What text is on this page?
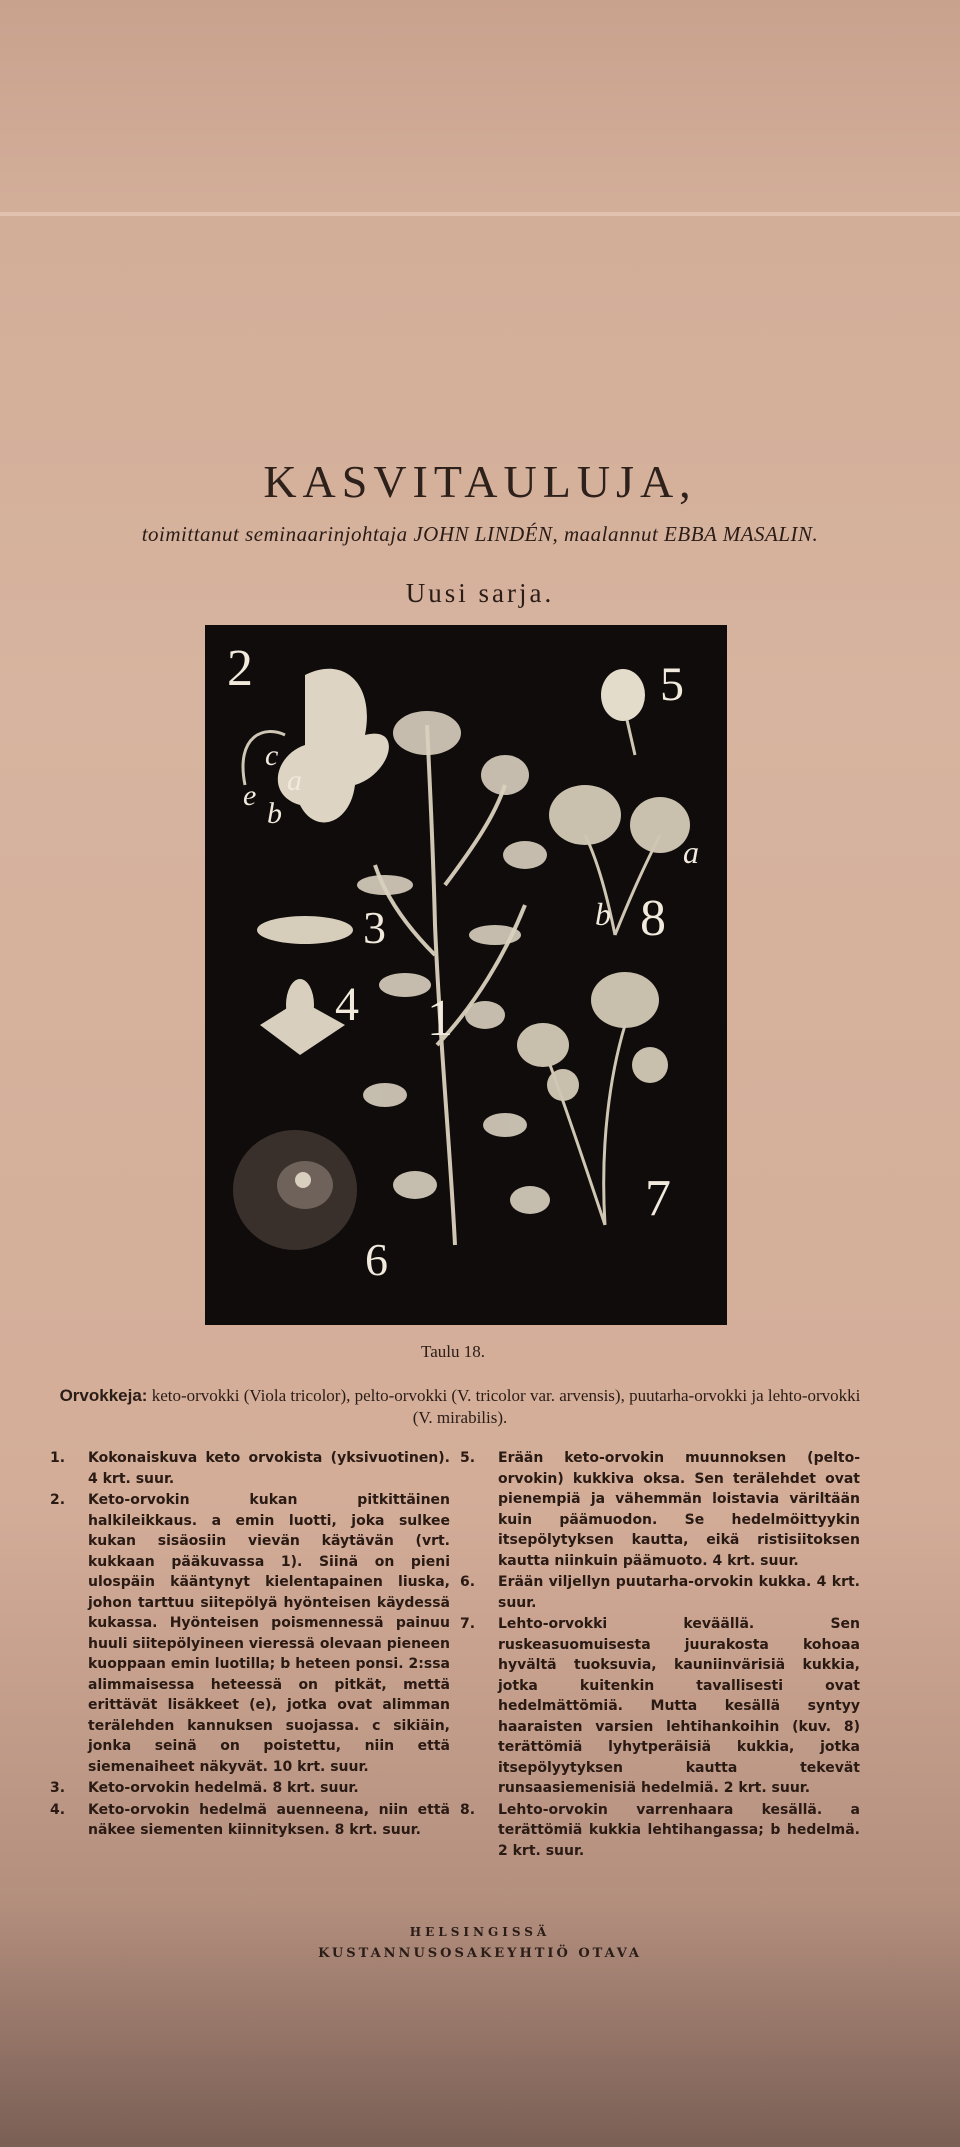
KASVITAULUJA,
toimittanut seminaarinjohtaja JOHN LINDÉN, maalannut EBBA MASALIN.
Uusi sarja.
2	5
3
4 1
8
7
6
c
a
e
b
a
b
Taulu 18.
Orvokkeja: keto-orvokki (Viola tricolor), pelto-orvokki (V. tricolor var. arvensis), puutarha-orvokki ja lehto-orvokki (V. mirabilis).
1.	Kokonaiskuva keto orvokista (yksivuotinen). 4 krt. suur.
2.	Keto-orvokin kukan pitkittäinen halkileikkaus. a emin luotti, joka sulkee kukan sisäosiin vievän käytävän (vrt. kukkaan pääkuvassa 1). Siinä on pieni ulospäin kääntynyt kielentapainen liuska, johon tarttuu siitepölyä hyönteisen käydessä kukassa. Hyönteisen poismennessä painuu huuli siitepölyineen vieressä olevaan pieneen kuoppaan emin luotilla; b heteen ponsi. 2:ssa alimmaisessa heteessä on pitkät, mettä erittävät lisäkkeet (e), jotka ovat alimman terälehden kannuksen suojassa. c sikiäin, jonka seinä on poistettu, niin että siemenaiheet näkyvät. 10 krt. suur.
3.	Keto-orvokin hedelmä. 8 krt. suur.
4.	Keto-orvokin hedelmä auenneena, niin että näkee siementen kiinnityksen. 8 krt. suur.
5.	Erään keto-orvokin muunnoksen (pelto-orvokin) kukkiva oksa. Sen terälehdet ovat pienempiä ja vähemmän loistavia väriltään kuin päämuodon. Se hedelmöittyykin itsepölytyksen kautta, eikä ristisiitoksen kautta niinkuin päämuoto. 4 krt. suur.
6.	Erään viljellyn puutarha-orvokin kukka. 4 krt. suur.
7.	Lehto-orvokki keväällä. Sen ruskeasuomuisesta juurakosta kohoaa hyvältä tuoksuvia, kauniinvärisiä kukkia, jotka kuitenkin tavallisesti ovat hedelmättömiä. Mutta kesällä syntyy haaraisten varsien lehtihankoihin (kuv. 8) terättömiä lyhytperäisiä kukkia, jotka itsepölyytyksen kautta tekevät runsaasiemenisiä hedelmiä. 2 krt. suur.
8.	Lehto-orvokin varrenhaara kesällä. a terättömiä kukkia lehtihangassa; b hedelmä. 2 krt. suur.
HELSINGISSÄ
KUSTANNUSOSAKEYHTIÖ OTAVA
